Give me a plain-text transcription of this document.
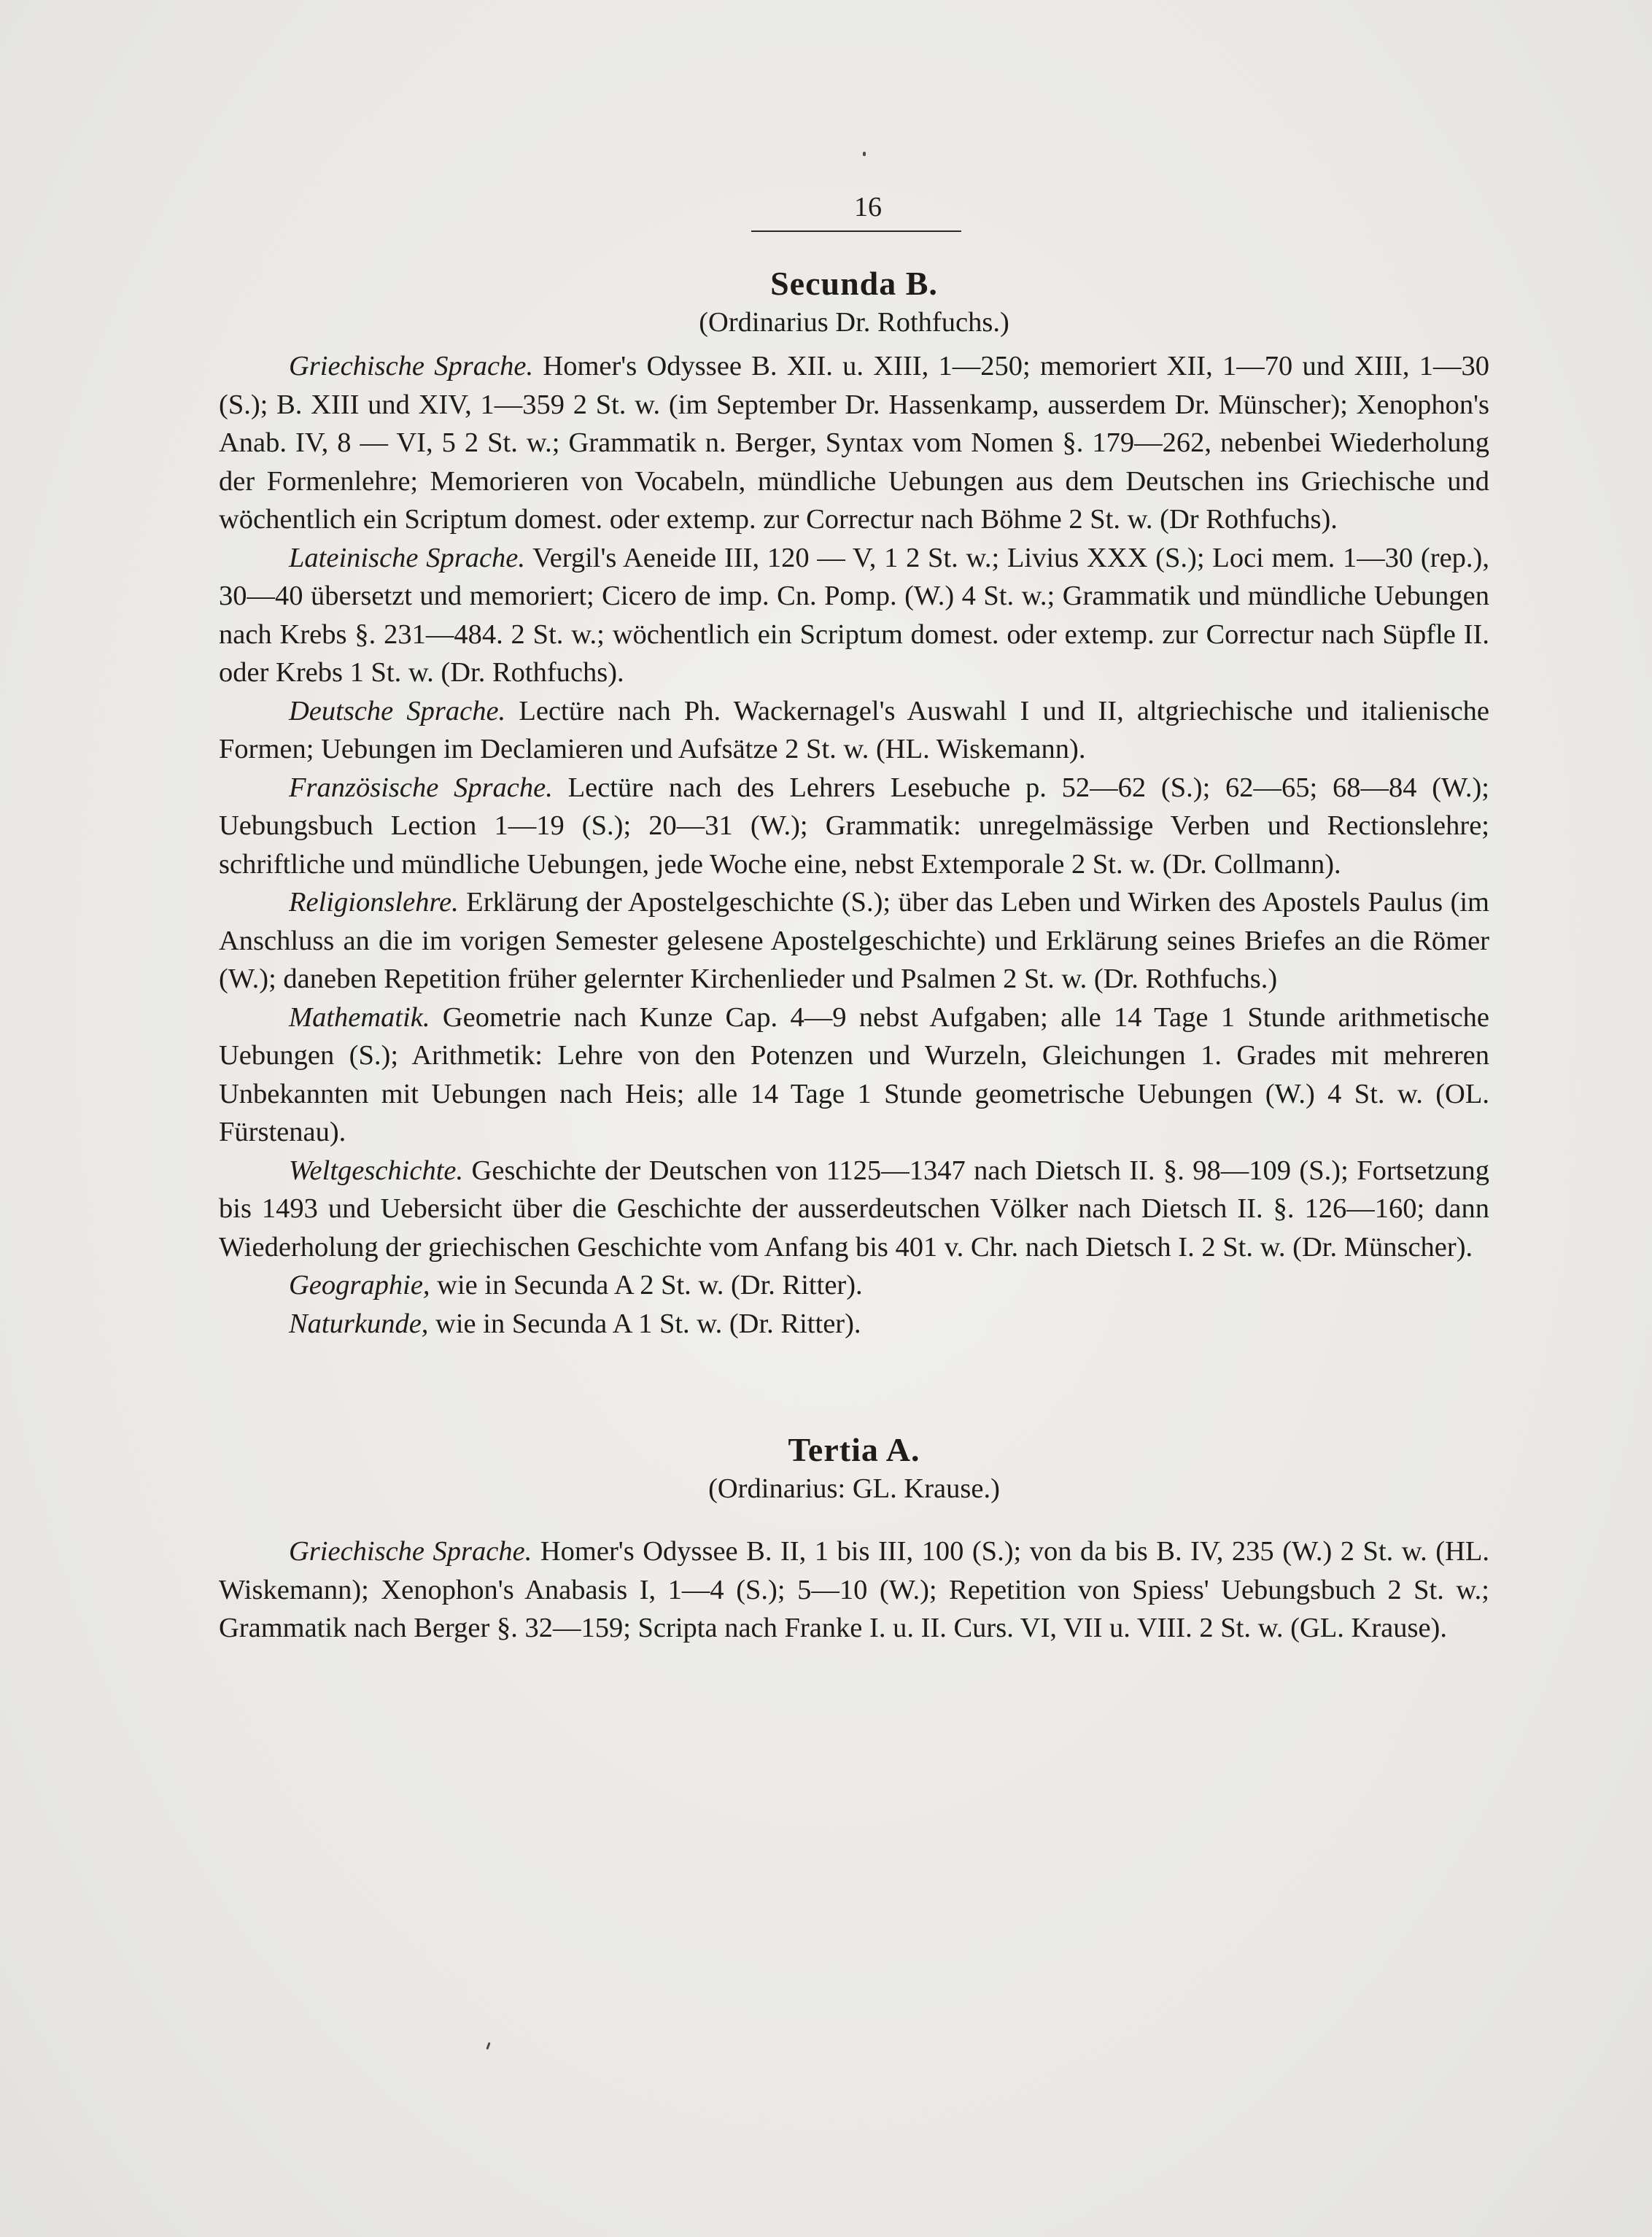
16
Secunda B.

(Ordinarius Dr. Rothfuchs.)

Griechische Sprache. Homer's Odyssee B. XII. u. XIII, 1—250; memoriert XII, 1—70 und XIII, 1—30 (S.); B. XIII und XIV, 1—359 2 St. w. (im September Dr. Hassenkamp, ausserdem Dr. Münscher); Xenophon's Anab. IV, 8 — VI, 5 2 St. w.; Grammatik n. Berger, Syntax vom Nomen §. 179—262, nebenbei Wiederholung der Formenlehre; Memorieren von Vocabeln, mündliche Uebungen aus dem Deutschen ins Griechische und wöchentlich ein Scriptum domest. oder extemp. zur Correctur nach Böhme 2 St. w. (Dr Rothfuchs).

Lateinische Sprache. Vergil's Aeneide III, 120 — V, 1 2 St. w.; Livius XXX (S.); Loci mem. 1—30 (rep.), 30—40 übersetzt und memoriert; Cicero de imp. Cn. Pomp. (W.) 4 St. w.; Grammatik und mündliche Uebungen nach Krebs §. 231—484. 2 St. w.; wöchentlich ein Scriptum domest. oder extemp. zur Correctur nach Süpfle II. oder Krebs 1 St. w. (Dr. Rothfuchs).

Deutsche Sprache. Lectüre nach Ph. Wackernagel's Auswahl I und II, altgriechische und italienische Formen; Uebungen im Declamieren und Aufsätze 2 St. w. (HL. Wiskemann).

Französische Sprache. Lectüre nach des Lehrers Lesebuche p. 52—62 (S.); 62—65; 68—84 (W.); Uebungsbuch Lection 1—19 (S.); 20—31 (W.); Grammatik: unregelmässige Verben und Rectionslehre; schriftliche und mündliche Uebungen, jede Woche eine, nebst Extemporale 2 St. w. (Dr. Collmann).

Religionslehre. Erklärung der Apostelgeschichte (S.); über das Leben und Wirken des Apostels Paulus (im Anschluss an die im vorigen Semester gelesene Apostelgeschichte) und Erklärung seines Briefes an die Römer (W.); daneben Repetition früher gelernter Kirchenlieder und Psalmen 2 St. w. (Dr. Rothfuchs.)

Mathematik. Geometrie nach Kunze Cap. 4—9 nebst Aufgaben; alle 14 Tage 1 Stunde arithmetische Uebungen (S.); Arithmetik: Lehre von den Potenzen und Wurzeln, Gleichungen 1. Grades mit mehreren Unbekannten mit Uebungen nach Heis; alle 14 Tage 1 Stunde geometrische Uebungen (W.) 4 St. w. (OL. Fürstenau).

Weltgeschichte. Geschichte der Deutschen von 1125—1347 nach Dietsch II. §. 98—109 (S.); Fortsetzung bis 1493 und Uebersicht über die Geschichte der ausserdeutschen Völker nach Dietsch II. §. 126—160; dann Wiederholung der griechischen Geschichte vom Anfang bis 401 v. Chr. nach Dietsch I. 2 St. w. (Dr. Münscher).

Geographie, wie in Secunda A 2 St. w. (Dr. Ritter).

Naturkunde, wie in Secunda A 1 St. w. (Dr. Ritter).

Tertia A.

(Ordinarius: GL. Krause.)

Griechische Sprache. Homer's Odyssee B. II, 1 bis III, 100 (S.); von da bis B. IV, 235 (W.) 2 St. w. (HL. Wiskemann); Xenophon's Anabasis I, 1—4 (S.); 5—10 (W.); Repetition von Spiess' Uebungsbuch 2 St. w.; Grammatik nach Berger §. 32—159; Scripta nach Franke I. u. II. Curs. VI, VII u. VIII. 2 St. w. (GL. Krause).
